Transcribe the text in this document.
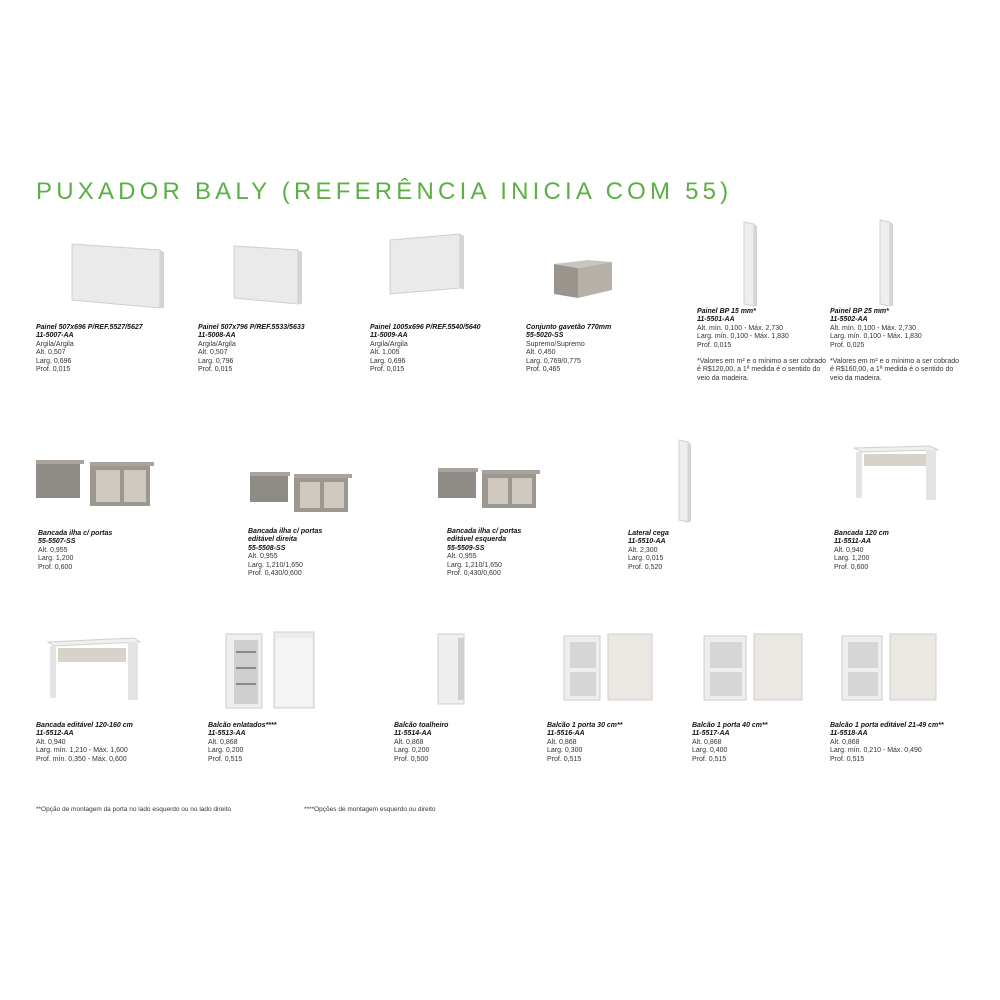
PUXADOR BALY (REFERÊNCIA INICIA COM 55)
Painel 507x696 P/REF.5527/5627
11-5007-AA
Argila/Argila
Alt. 0,507
Larg. 0,696
Prof. 0,015
Painel 507x796 P/REF.5533/5633
11-5008-AA
Argila/Argila
Alt. 0,507
Larg. 0,796
Prof. 0,015
Painel 1005x696 P/REF.5540/5640
11-5009-AA
Argila/Argila
Alt. 1,005
Larg. 0,696
Prof. 0,015
Conjunto gavetão 770mm
55-5020-SS
Supremo/Supremo
Alt. 0,450
Larg. 0,769/0,775
Prof. 0,465
Painel BP 15 mm*
11-5501-AA
Alt. mín. 0,100 - Máx. 2,730
Larg. mín. 0,100 - Máx. 1,830
Prof. 0,015
*Valores em m² e o mínimo a ser cobrado é R$120,00, a 1ª medida é o sentido do veio da madeira.
Painel BP 25 mm*
11-5502-AA
Alt. mín. 0,100 - Máx. 2,730
Larg. mín. 0,100 - Máx. 1,830
Prof. 0,025
*Valores em m² e o mínimo a ser cobrado é R$160,00, a 1ª medida é o sentido do veio da madeira.
Bancada ilha c/ portas
55-5507-SS
Alt. 0,955
Larg. 1,200
Prof. 0,600
Bancada ilha c/ portas editável direita
55-5508-SS
Alt. 0,955
Larg. 1,210/1,650
Prof. 0,430/0,600
Bancada ilha c/ portas editável esquerda
55-5509-SS
Alt. 0,955
Larg. 1,210/1,650
Prof. 0,430/0,600
Lateral cega
11-5510-AA
Alt. 2,300
Larg. 0,015
Prof. 0,520
Bancada 120 cm
11-5511-AA
Alt. 0,940
Larg. 1,200
Prof. 0,600
Bancada editável 120-160 cm
11-5512-AA
Alt. 0,940
Larg. mín. 1,210 - Máx. 1,600
Prof. mín. 0,350 - Máx. 0,600
Balcão enlatados****
11-5513-AA
Alt. 0,868
Larg. 0,200
Prof. 0,515
Balcão toalheiro
11-5514-AA
Alt. 0,868
Larg. 0,200
Prof. 0,500
Balcão 1 porta 30 cm**
11-5516-AA
Alt. 0,868
Larg. 0,300
Prof. 0,515
Balcão 1 porta 40 cm**
11-5517-AA
Alt. 0,868
Larg. 0,400
Prof. 0,515
Balcão 1 porta editável 21-49 cm**
11-5518-AA
Alt. 0,868
Larg. mín. 0,210 - Máx. 0,490
Prof. 0,515
**Opção de montagem da porta no lado esquerdo ou no lado direito	****Opções de montagem esquerdo ou direito
